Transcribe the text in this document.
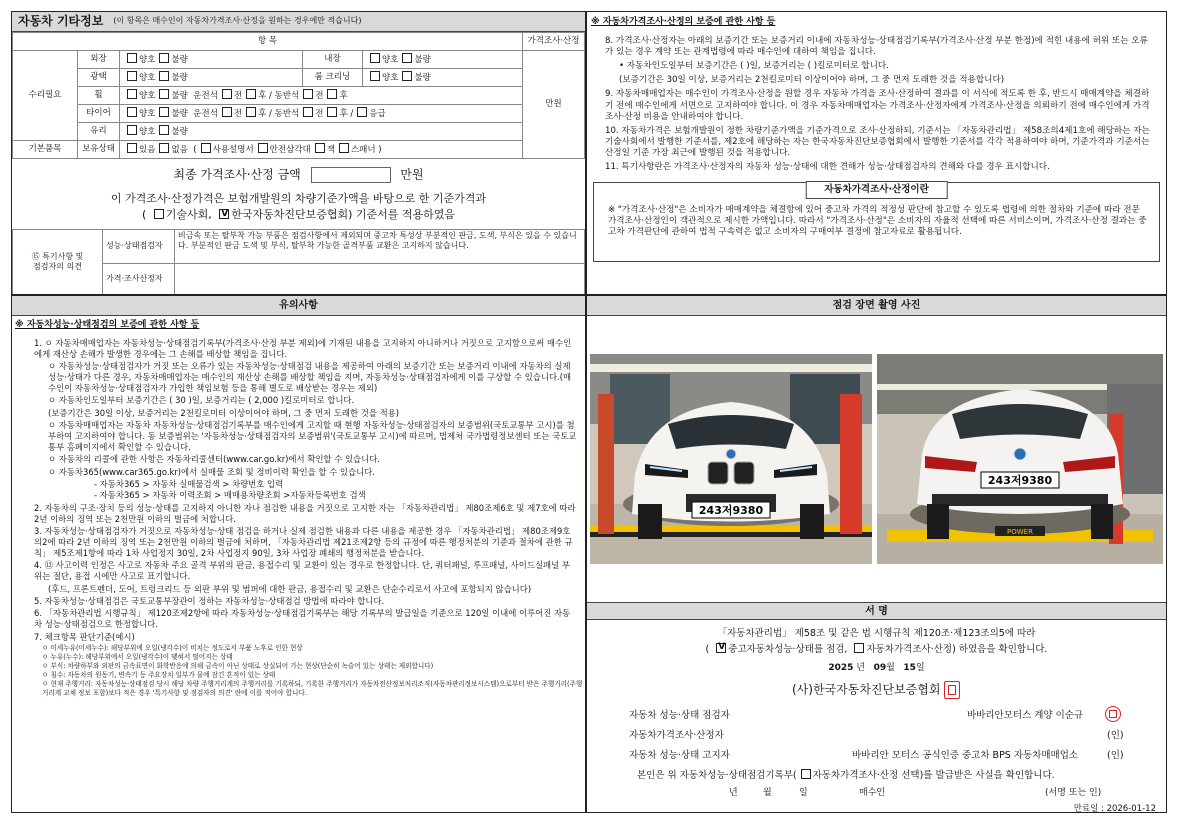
자동차 기타정보 (이 항목은 매수인이 자동차가격조사·산정을 원하는 경우에만 적습니다)
항 목					가격조사·산정
수리필요	외장	양호 불량	내장	양호 불량	만원
	광택	양호 불량	룸 크리닝	양호 불량	
	휠	양호 불량 운전석 전 후 / 동반석 전 후			
	타이어	양호 불량 운전석 전 후 / 동반석 전 후 / 응급			
	유리	양호 불량			
기본품목	보유상태	있음 없음  ( 사용설명서 안전삼각대 잭 스패너 )			
최종 가격조사·산정 금액	만원
이 가격조사·산정가격은 보험개발원의 차량기준가액을 바탕으로 한 기준가격과
( 기술사회, V 한국자동차진단보증협회) 기준서를 적용하였음
⑮ 특기사항 및
점검자의 의견	성능·상태점검자	비금속 또는 탈부착 가능 부품은 점검사항에서 제외되며 중고차 특성상 부분적인 판금, 도색, 부식은 있을 수 있습니다. 부분적인 판금 도색 및 부식, 탈부착 가능한 골격부품 교환은 고지하지 않습니다.
	가격·조사산정자	
※ 자동차가격조사·산정의 보증에 관한 사항 등

8. 가격조사·산정자는 아래의 보증기간 또는 보증거리 이내에 자동차성능·상태점검기록부(가격조사·산정 부분 한정)에 적힌 내용에 허위 또는 오류가 있는 경우 계약 또는 관계법령에 따라 매수인에 대하여 책임을 집니다.

• 자동차인도일부터 보증기간은 ( )일, 보증거리는 ( )킬로미터로 합니다.

(보증기간은 30일 이상, 보증거리는 2천킬로미터 이상이어야 하며, 그 중 먼저 도래한 것을 적용합니다)

9. 자동차매매업자는 매수인이 가격조사·산정을 원할 경우 자동차 가격을 조사·산정하여 결과를 이 서식에 적도록 한 후, 반드시 매매계약을 체결하기 전에 매수인에게 서면으로 고지하여야 합니다. 이 경우 자동차매매업자는 가격조사·산정자에게 가격조사·산정을 의뢰하기 전에 매수인에게 가격조사·산정 비용을 안내하여야 합니다.

10. 자동차가격은 보험개발원이 정한 차량기준가액을 기준가격으로 조사·산정하되, 기준서는 「자동차관리법」 제58조의4제1호에 해당하는 자는 기술사회에서 발행한 기준서를, 제2호에 해당하는 자는 한국자동차진단보증협회에서 발행한 기준서를 각각 적용하여야 하며, 기준가격과 기준서는 산정일 기준 가장 최근에 발행된 것을 적용합니다.

11. 특기사항란은 가격조사·산정자의 자동차 성능·상태에 대한 견해가 성능·상태점검자의 견해와 다를 경우 표시합니다.

자동차가격조사·산정이란
※ "가격조사·산정"은 소비자가 매매계약을 체결함에 있어 중고차 가격의 적정성 판단에 참고할 수 있도록 법령에 의한 절차와 기준에 따라 전문 가격조사·산정인이 객관적으로 제시한 가액입니다. 따라서 "가격조사·산정"은 소비자의 자율적 선택에 따른 서비스이며, 가격조사·산정 결과는 중고차 가격판단에 관하여 법적 구속력은 없고 소비자의 구매여부 결정에 참고자료로 활용됩니다.
유의사항
※ 자동차성능·상태점검의 보증에 관한 사항 등

1. ㅇ 자동차매매업자는 자동차성능·상태점검기록부(가격조사·산정 부분 제외)에 기재된 내용을 고지하지 아니하거나 거짓으로 고지함으로써 매수인에게 재산상 손해가 발생한 경우에는 그 손해를 배상할 책임을 집니다.

ㅇ 자동차성능·상태점검자가 거짓 또는 오류가 있는 자동차성능·상태점검 내용을 제공하여 아래의 보증기간 또는 보증거리 이내에 자동차의 실제 성능·상태가 다른 경우, 자동차매매업자는 매수인의 재산상 손해를 배상할 책임을 지며, 자동차성능·상태점검자에게 이를 구상할 수 있습니다.(매수인이 자동차성능·상태점검자가 가입한 책임보험 등을 통해 별도로 배상받는 경우는 제외)

ㅇ 자동차인도일부터 보증기간은 ( 30 )일, 보증거리는 ( 2,000 )킬로미터로 합니다.

(보증기간은 30일 이상, 보증거리는 2천킬로미터 이상이어야 하며, 그 중 먼저 도래한 것을 적용)

ㅇ 자동차매매업자는 자동차 자동차성능·상태점검기록부를 매수인에게 고지할 때 현행 자동차성능·상태점검자의 보증범위(국토교통부 고시)를 첨부하여 고지하여야 합니다. 동 보증범위는 '자동차성능·상태점검자의 보증범위'(국토교통부 고시)에 따르며, 법제처 국가법령정보센터 또는 국토교통부 홈페이지에서 확인할 수 있습니다.

ㅇ 자동차의 리콜에 관한 사항은 자동차리콜센터(www.car.go.kr)에서 확인할 수 있습니다.

ㅇ 자동차365(www.car365.go.kr)에서 실매물 조회 및 정비이력 확인을 할 수 있습니다.

- 자동차365 > 자동차 실매물검색 > 차량번호 입력

- 자동차365 > 자동차 이력조회 > 매매용차량조회 >자동차등록번호 검색

2. 자동차의 구조·장치 등의 성능·상태를 고지하지 아니한 자나 점검한 내용을 거짓으로 고지한 자는 「자동차관리법」 제80조제6호 및 제7호에 따라 2년 이하의 징역 또는 2천만원 이하의 벌금에 처합니다.

3. 자동차성능·상태점검자가 거짓으로 자동차성능·상태 점검을 하거나 실제 점검한 내용과 다른 내용을 제공한 경우 「자동차관리법」 제80조제9호의2에 따라 2년 이하의 징역 또는 2천만원 이하의 벌금에 처하며, 「자동차관리법 제21조제2항 등의 규정에 따른 행정처분의 기준과 절차에 관한 규칙」 제5조제1항에 따라 1차 사업정지 30일, 2차 사업정지 90일, 3차 사업장 폐쇄의 행정처분을 받습니다.

4. ⑫ 사고이력 인정은 사고로 자동차 주요 골격 부위의 판금, 용접수리 및 교환이 있는 경우로 한정합니다. 단, 쿼터패널, 루프패널, 사이드실패널 부위는 절단, 용접 시에만 사고로 표기합니다.

(후드, 프론트펜더, 도어, 트렁크리드 등 외판 부위 및 범퍼에 대한 판금, 용접수리 및 교환은 단순수리로서 사고에 포함되지 않습니다)

5. 자동차성능·상태점검은 국토교통부장관이 정하는 자동차성능·상태점검 방법에 따라야 합니다.

6. 「자동차관리법 시행규칙」 제120조제2항에 따라 자동차성능·상태점검기록부는 해당 기록부의 발급일을 기준으로 120일 이내에 이루어진 자동차 성능·상태점검으로 한정합니다.

7. 체크항목 판단기준(예시)

ㅇ 미세누유(미세누수): 해당부위에 오일(냉각수)이 비치는 정도로서 부품 노후로 인한 현상
ㅇ 누유(누수): 해당부위에서 오일(냉각수)이 맺혀서 떨어지는 상태
ㅇ 부식: 차량하부와 외판의 금속표면이 화학반응에 의해 금속이 아닌 상태로 상실되어 가는 현상(단순히 녹슬어 있는 상태는 제외합니다)
ㅇ 침수: 자동차의 원동기, 변속기 등 주요장치 일부가 물에 잠긴 흔적이 있는 상태
ㅇ 현재 주행거리: 자동차성능·상태점검 당시 해당 차량 주행거리계의 주행거리를 기록하되, 기록한 주행거리가 자동차전산정보처리조직(자동차관리정보시스템)으로부터 받은 주행거리(주행거리계 교체 정보 포함)보다 적은 경우 '특기사항 및 점검자의 의견' 란에 이를 적어야 합니다.
점검 장면 촬영 사진
243저9380
243저9380
POWER
서 명
「자동차관리법」 제58조 및 같은 법 시행규칙 제120조·제123조의5에 따라
( V중고자동차성능·상태를 점검, 자동차가격조사·산정) 하였음을 확인합니다.
2025 년 09월 15일
(사)한국자동차진단보증협회
자동차 성능·상태 점검자	바바리안모터스 계양 이순규
자동차가격조사·산정자	(인)
자동차 성능·상태 고지자	바바리안 모터스 공식인증 중고차 BPS 자동차매매업소	(인)
본인은 위 자동차성능·상태점검기록부( 자동차가격조사·산정 선택)를 발급받은 사실을 확인합니다.
년	월	일	매수인	(서명 또는 인)
만료일 : 2026-01-12
